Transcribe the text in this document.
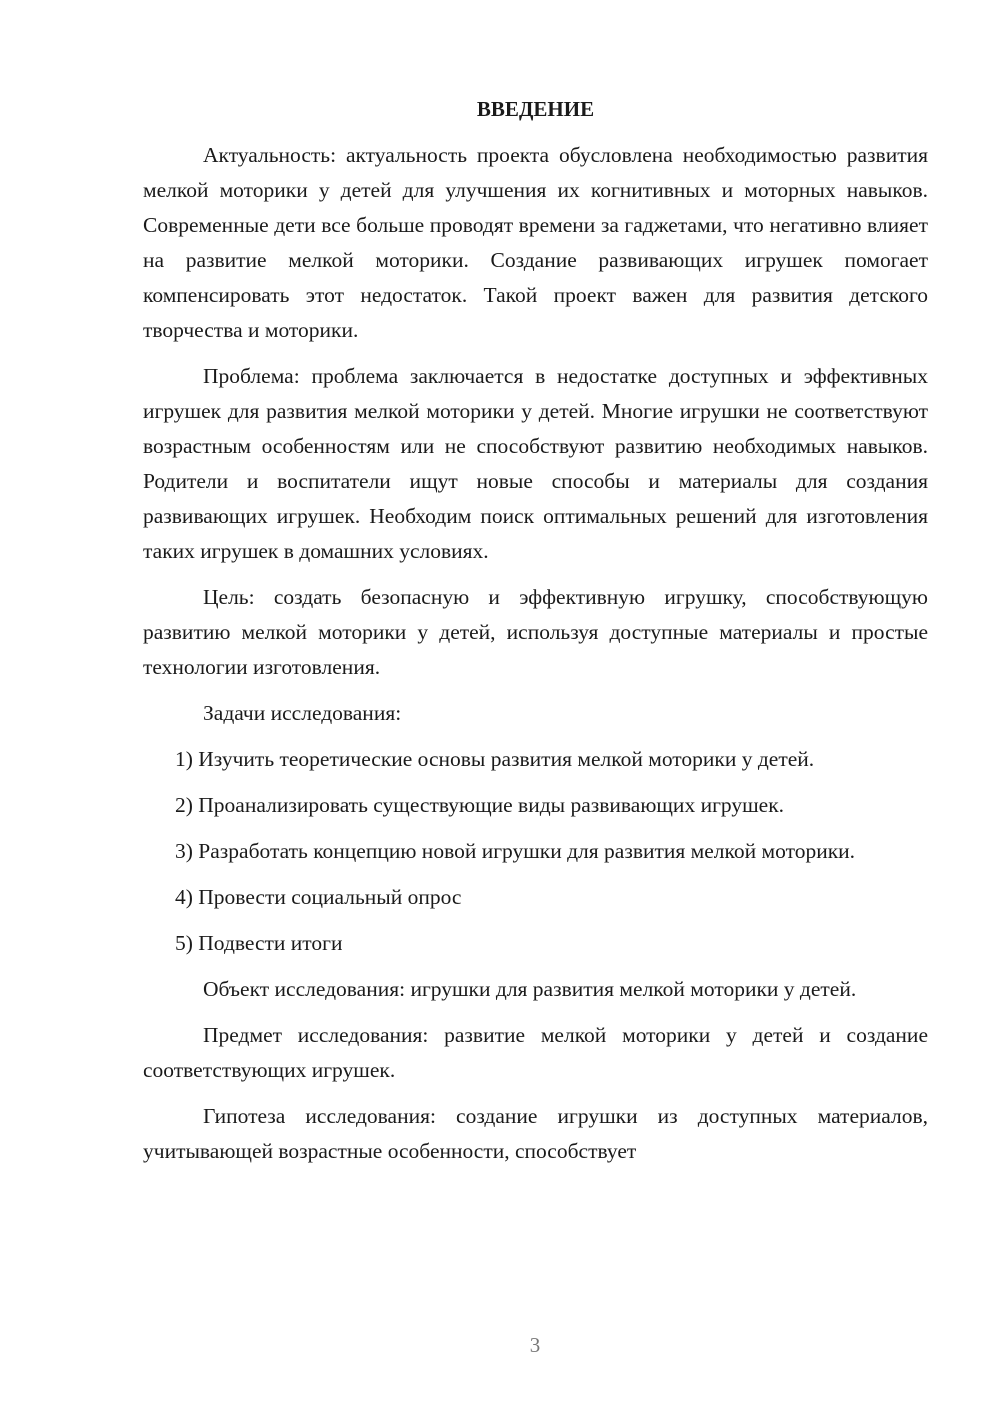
ВВЕДЕНИЕ

Актуальность: актуальность проекта обусловлена необходимостью развития мелкой моторики у детей для улучшения их когнитивных и моторных навыков. Современные дети все больше проводят времени за гаджетами, что негативно влияет на развитие мелкой моторики. Создание развивающих игрушек помогает компенсировать этот недостаток. Такой проект важен для развития детского творчества и моторики.

Проблема: проблема заключается в недостатке доступных и эффективных игрушек для развития мелкой моторики у детей. Многие игрушки не соответствуют возрастным особенностям или не способствуют развитию необходимых навыков. Родители и воспитатели ищут новые способы и материалы для создания развивающих игрушек. Необходим поиск оптимальных решений для изготовления таких игрушек в домашних условиях.

Цель: создать безопасную и эффективную игрушку, способствующую развитию мелкой моторики у детей, используя доступные материалы и простые технологии изготовления.

Задачи исследования:

1) Изучить теоретические основы развития мелкой моторики у детей.

2) Проанализировать существующие виды развивающих игрушек.

3) Разработать концепцию новой игрушки для развития мелкой моторики.

4) Провести социальный опрос

5) Подвести итоги

Объект исследования: игрушки для развития мелкой моторики у детей.

Предмет исследования: развитие мелкой моторики у детей и создание соответствующих игрушек.

Гипотеза исследования: создание игрушки из доступных материалов, учитывающей возрастные особенности, способствует

3
